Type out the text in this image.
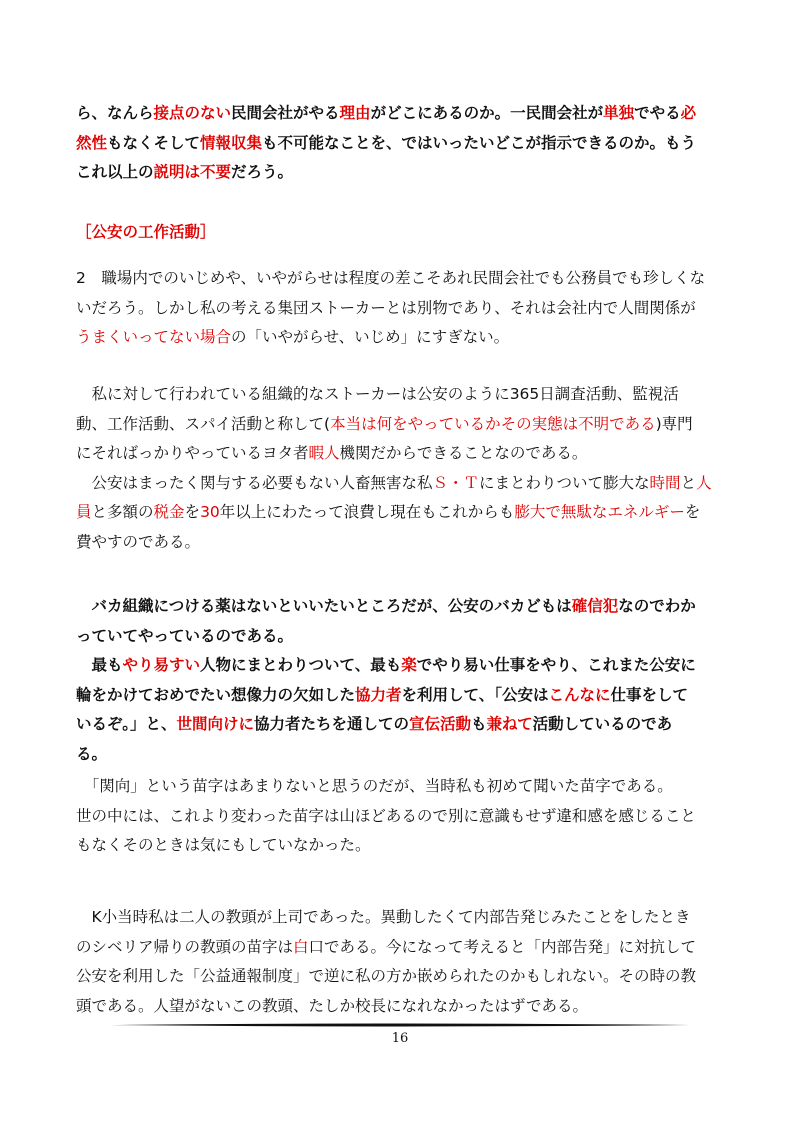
ら、なんら接点のない民間会社がやる理由がどこにあるのか。一民間会社が単独でやる必
然性もなくそして情報収集も不可能なことを、ではいったいどこが指示できるのか。もう
これ以上の説明は不要だろう。
［公安の工作活動］
2　職場内でのいじめや、いやがらせは程度の差こそあれ民間会社でも公務員でも珍しくな
いだろう。しかし私の考える集団ストーカーとは別物であり、それは会社内で人間関係が
うまくいってない場合の「いやがらせ、いじめ」にすぎない。
　私に対して行われている組織的なストーカーは公安のように365日調査活動、監視活
動、工作活動、スパイ活動と称して(本当は何をやっているかその実態は不明である)専門
にそればっかりやっているヨタ者暇人機関だからできることなのである。
　公安はまったく関与する必要もない人畜無害な私Ｓ・Ｔにまとわりついて膨大な時間と人
員と多額の税金を30年以上にわたって浪費し現在もこれからも膨大で無駄なエネルギーを
費やすのである。
　バカ組織につける薬はないといいたいところだが、公安のバカどもは確信犯なのでわか
っていてやっているのである。
　最もやり易すい人物にまとわりついて、最も楽でやり易い仕事をやり、これまた公安に
輪をかけておめでたい想像力の欠如した協力者を利用して、「公安はこんなに仕事をして
いるぞ。」と、世間向けに協力者たちを通しての宣伝活動も兼ねて活動しているのであ
る。
　「関向」という苗字はあまりないと思うのだが、当時私も初めて聞いた苗字である。
世の中には、これより変わった苗字は山ほどあるので別に意識もせず違和感を感じること
もなくそのときは気にもしていなかった。
　K小当時私は二人の教頭が上司であった。異動したくて内部告発じみたことをしたとき
のシベリア帰りの教頭の苗字は白口である。今になって考えると「内部告発」に対抗して
公安を利用した「公益通報制度」で逆に私の方か嵌められたのかもしれない。その時の教
頭である。人望がないこの教頭、たしか校長になれなかったはずである。
16
